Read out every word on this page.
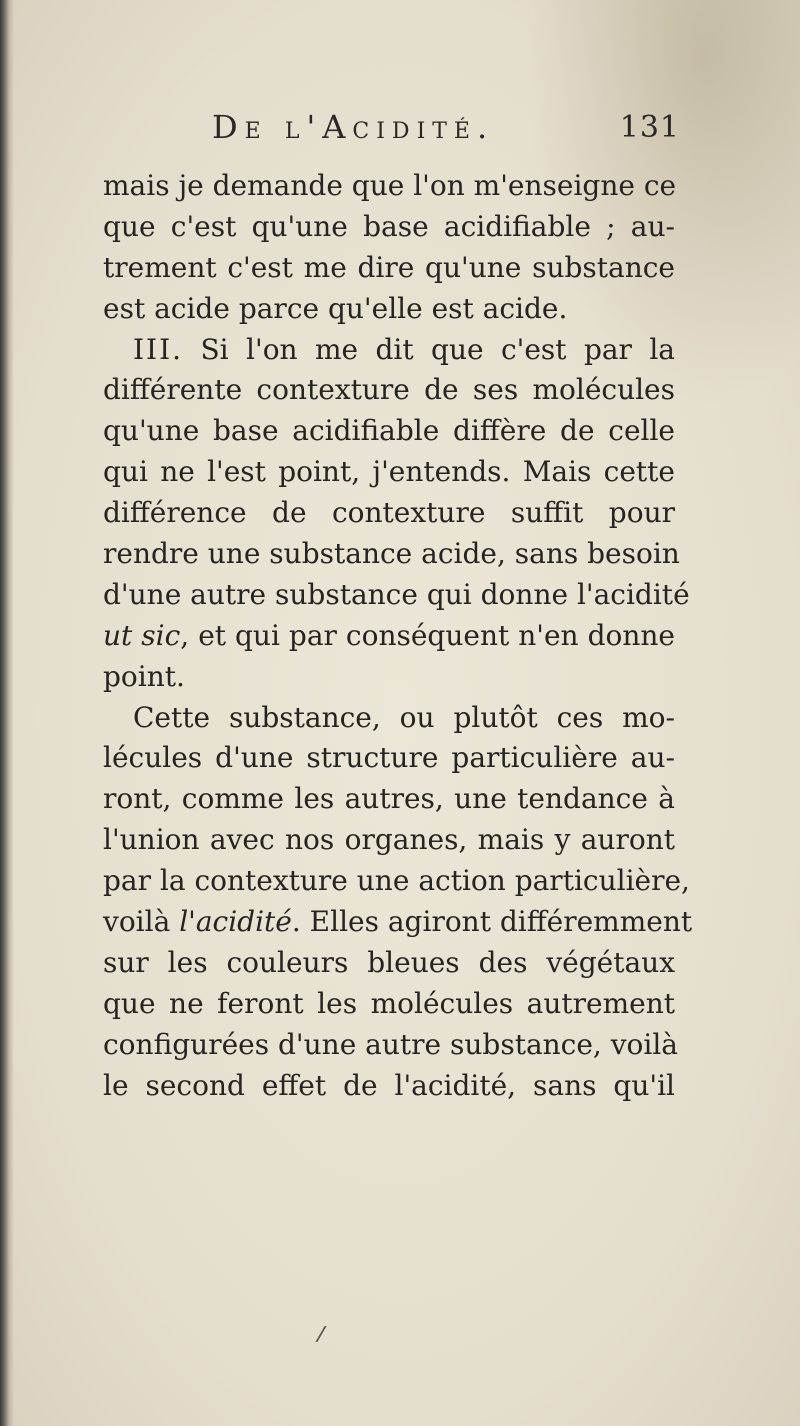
De l'Acidité.	131
mais je demande que l'on m'enseigne ce
que c'est qu'une base acidifiable ; au-
trement c'est me dire qu'une substance
est acide parce qu'elle est acide.
III. Si l'on me dit que c'est par la
différente contexture de ses molécules
qu'une base acidifiable diffère de celle
qui ne l'est point, j'entends. Mais cette
différence de contexture suffit pour
rendre une substance acide, sans besoin
d'une autre substance qui donne l'acidité
ut sic, et qui par conséquent n'en donne
point.
Cette substance, ou plutôt ces mo-
lécules d'une structure particulière au-
ront, comme les autres, une tendance à
l'union avec nos organes, mais y auront
par la contexture une action particulière,
voilà l'acidité. Elles agiront différemment
sur les couleurs bleues des végétaux
que ne feront les molécules autrement
configurées d'une autre substance, voilà
le second effet de l'acidité, sans qu'il
